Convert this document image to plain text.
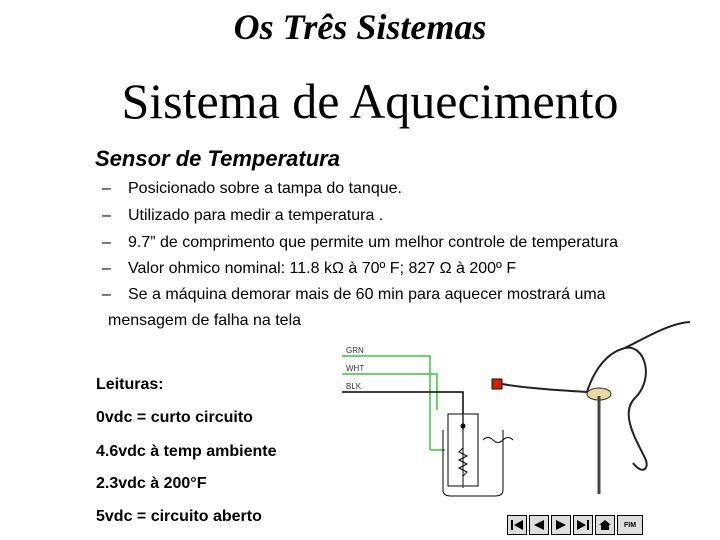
Os Três Sistemas
Sistema de Aquecimento
Sensor de Temperatura
– Posicionado sobre a tampa do tanque.
– Utilizado para medir a temperatura .
– 9.7” de comprimento que permite um melhor controle de temperatura
– Valor ohmico nominal: 11.8 kΩ à 70º F; 827 Ω à 200º F
– Se a máquina demorar mais de 60 min para aquecer mostrará uma
mensagem de falha na tela
Leituras:
0vdc = curto circuito
4.6vdc à temp ambiente
2.3vdc à 200°F
5vdc = circuito aberto
GRN
WHT
BLK
FIM
